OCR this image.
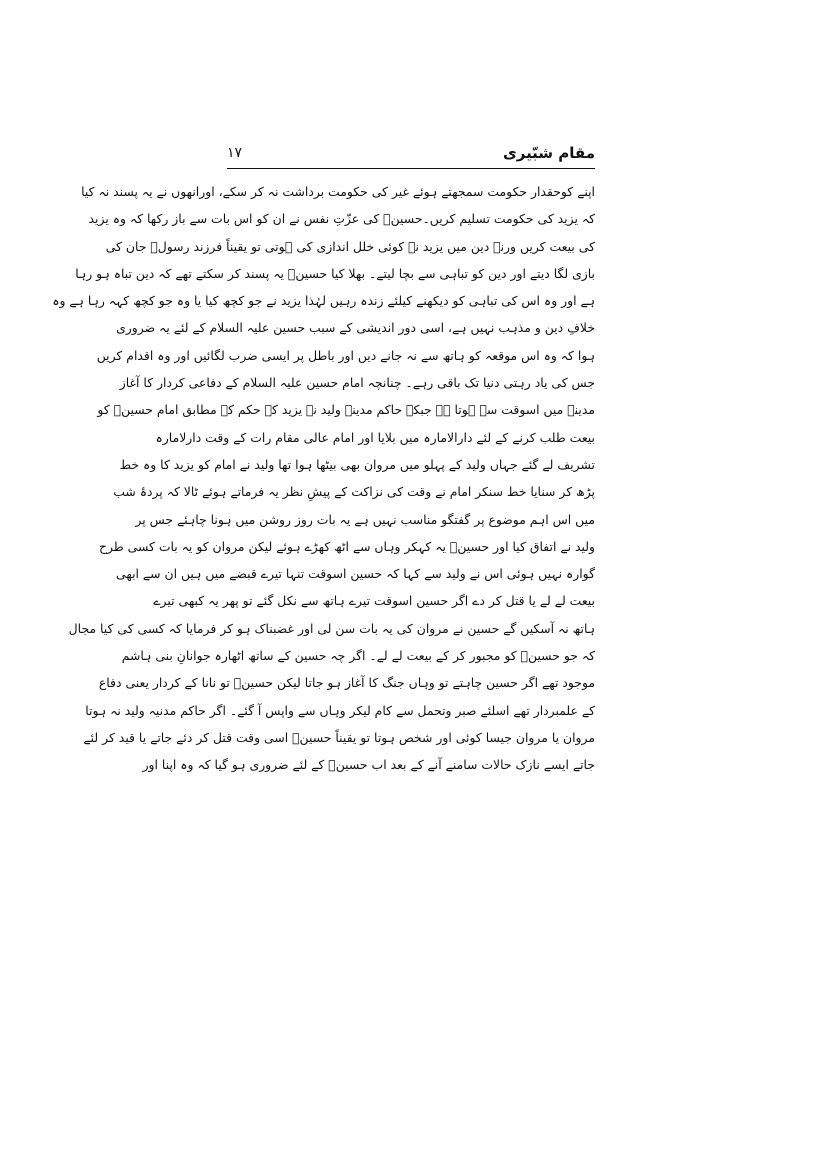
مقام شبّیری
۱۷
اپنے کوحقدار حکومت سمجھتے ہوئے غیر کی حکومت برداشت نہ کر سکے، اورانھوں نے یہ پسند نہ کیا
کہ یزید کی حکومت تسلیم کریں۔حسینؑ کی عزّتِ نفس نے ان کو اس بات سے باز رکھا کہ وہ یزید
کی بیعت کریں ورنہ دین میں یزید نے کوئی خلل اندازی کی ہوتی تو یقیناً فرزند رسولؐ جان کی
بازی لگا دیتے اور دین کو تباہی سے بچا لیتے۔ بھلا کیا حسینؑ یہ پسند کر سکتے تھے کہ دین تباہ ہو رہا
ہے اور وہ اس کی تباہی کو دیکھنے کیلئے زندہ رہیں لہٰذا یزید نے جو کچھ کیا یا وہ جو کچھ کہہ رہا ہے وہ
خلافِ دین و مذہب نہیں ہے، اسی دور اندیشی کے سبب حسین علیہ السلام کے لئے یہ ضروری
ہوا کہ وہ اس موقعہ کو ہاتھ سے نہ جانے دیں اور باطل پر ایسی ضرب لگائیں اور وہ اقدام کریں
جس کی یاد رہتی دنیا تک باقی رہے۔ چنانچہ امام حسین علیہ السلام کے دفاعی کردار کا آغاز
مدینے میں اسوقت سے ہوتا ہے جبکہ حاکم مدینہ ولید نے یزید کے حکم کے مطابق امام حسینؑ کو
بیعت طلب کرنے کے لئے دارالامارہ میں بلایا اور امام عالی مقام رات کے وقت دارلامارہ
تشریف لے گئے جہاں ولید کے پہلو میں مروان بھی بیٹھا ہوا تھا ولید نے امام کو یزید کا وہ خط
پڑھ کر سنایا خط سنکر امام نے وقت کی نزاکت کے پیشِ نظر یہ فرماتے ہوئے ٹالا کہ پردۂ شب
میں اس اہم موضوع پر گفتگو مناسب نہیں ہے یہ بات روز روشن میں ہونا چاہئے جس پر
ولید نے اتفاق کیا اور حسینؑ یہ کہکر وہاں سے اٹھ کھڑے ہوئے لیکن مروان کو یہ بات کسی طرح
گوارہ نہیں ہوئی اس نے ولید سے کہا کہ حسین اسوقت تنہا تیرے قبضے میں ہیں ان سے ابھی
بیعت لے لے یا قتل کر دے اگر حسین اسوقت تیرے ہاتھ سے نکل گئے تو پھر یہ کبھی تیرے
ہاتھ نہ آسکیں گے حسین نے مروان کی یہ بات سن لی اور غضبناک ہو کر فرمایا کہ کسی کی کیا مجال
کہ جو حسینؑ کو مجبور کر کے بیعت لے لے۔ اگر چہ حسین کے ساتھ اٹھارہ جوانانِ بنی ہاشم
موجود تھے اگر حسین چاہتے تو وہاں جنگ کا آغاز ہو جاتا لیکن حسینؑ تو نانا کے کردار یعنی دفاع
کے علمبردار تھے اسلئے صبر وتحمل سے کام لیکر وہاں سے واپس آ گئے۔ اگر حاکم مدنیہ ولید نہ ہوتا
مروان یا مروان جیسا کوئی اور شخص ہوتا تو یقیناً حسینؑ اسی وقت قتل کر دئے جاتے یا قید کر لئے
جاتے ایسے نازک حالات سامنے آنے کے بعد اب حسینؑ کے لئے ضروری ہو گیا کہ وہ اپنا اور
